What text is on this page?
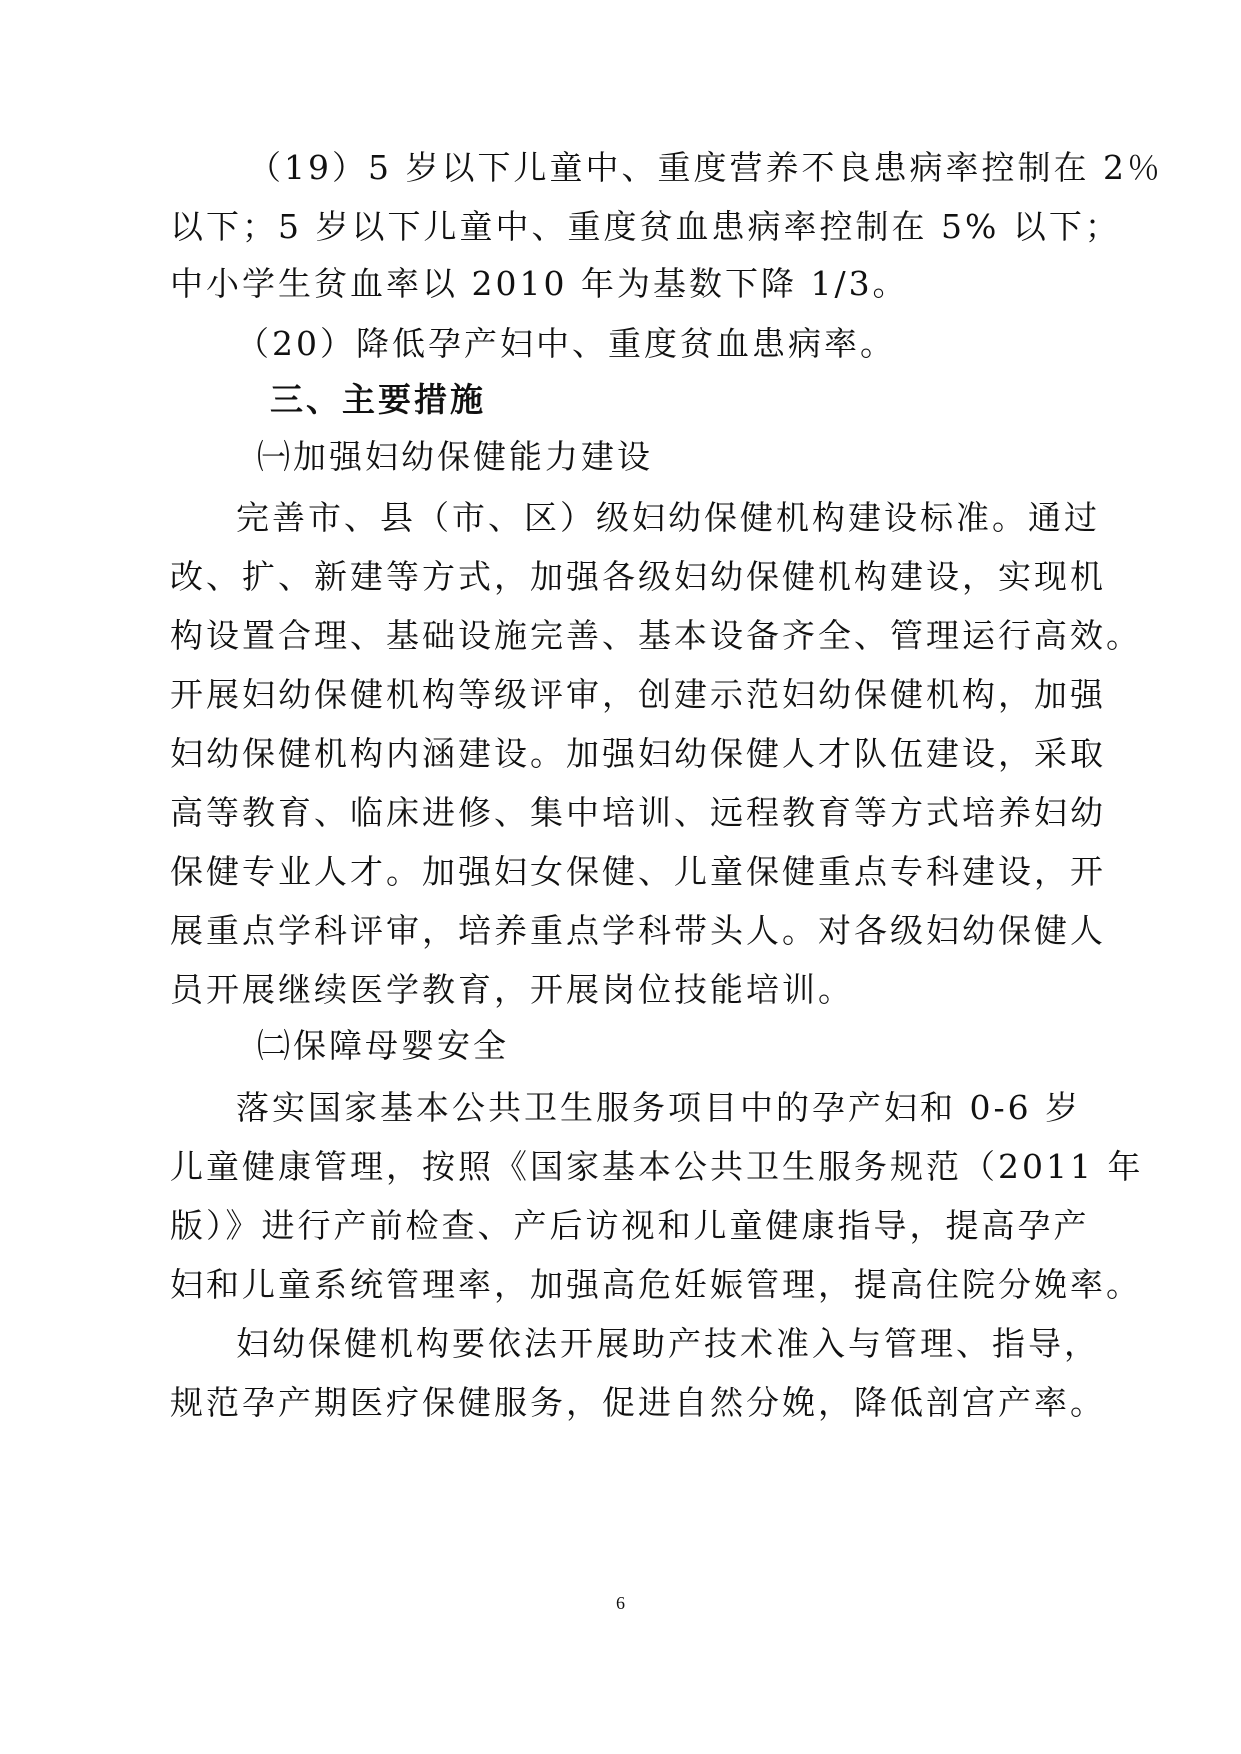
（19）5 岁以下儿童中、重度营养不良患病率控制在 2％
以下；5 岁以下儿童中、重度贫血患病率控制在 5% 以下；
中小学生贫血率以 2010 年为基数下降 1/3。
（20）降低孕产妇中、重度贫血患病率。
三、主要措施
㈠加强妇幼保健能力建设
完善市、县（市、区）级妇幼保健机构建设标准。通过
改、扩、新建等方式，加强各级妇幼保健机构建设，实现机
构设置合理、基础设施完善、基本设备齐全、管理运行高效。
开展妇幼保健机构等级评审，创建示范妇幼保健机构，加强
妇幼保健机构内涵建设。加强妇幼保健人才队伍建设，采取
高等教育、临床进修、集中培训、远程教育等方式培养妇幼
保健专业人才。加强妇女保健、儿童保健重点专科建设，开
展重点学科评审，培养重点学科带头人。对各级妇幼保健人
员开展继续医学教育，开展岗位技能培训。
㈡保障母婴安全
落实国家基本公共卫生服务项目中的孕产妇和 0-6 岁
儿童健康管理，按照《国家基本公共卫生服务规范（2011 年
版）》进行产前检查、产后访视和儿童健康指导，提高孕产
妇和儿童系统管理率，加强高危妊娠管理，提高住院分娩率。
妇幼保健机构要依法开展助产技术准入与管理、指导，
规范孕产期医疗保健服务，促进自然分娩，降低剖宫产率。
6
